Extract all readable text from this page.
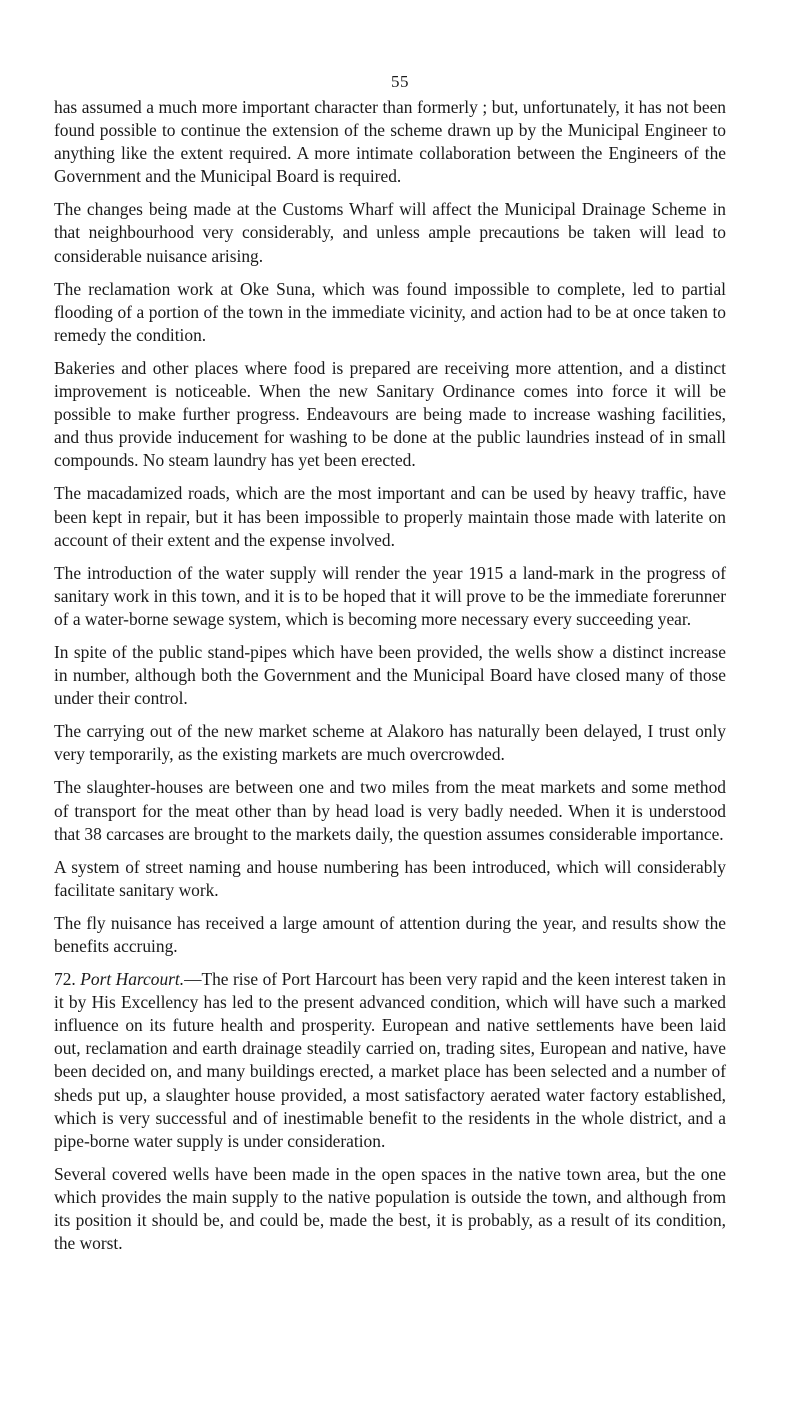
55

has assumed a much more important character than formerly ; but, unfortunately, it has not been found possible to continue the extension of the scheme drawn up by the Municipal Engineer to anything like the extent required. A more intimate collaboration between the Engineers of the Government and the Municipal Board is required.

The changes being made at the Customs Wharf will affect the Municipal Drainage Scheme in that neighbourhood very considerably, and unless ample precautions be taken will lead to considerable nuisance arising.

The reclamation work at Oke Suna, which was found impossible to complete, led to partial flooding of a portion of the town in the immediate vicinity, and action had to be at once taken to remedy the condition.

Bakeries and other places where food is prepared are receiving more attention, and a distinct improvement is noticeable. When the new Sanitary Ordinance comes into force it will be possible to make further progress. Endeavours are being made to increase washing facilities, and thus provide inducement for washing to be done at the public laundries instead of in small compounds. No steam laundry has yet been erected.

The macadamized roads, which are the most important and can be used by heavy traffic, have been kept in repair, but it has been impossible to properly maintain those made with laterite on account of their extent and the expense involved.

The introduction of the water supply will render the year 1915 a land-mark in the progress of sanitary work in this town, and it is to be hoped that it will prove to be the immediate forerunner of a water-borne sewage system, which is becoming more necessary every succeeding year.

In spite of the public stand-pipes which have been provided, the wells show a distinct increase in number, although both the Government and the Municipal Board have closed many of those under their control.

The carrying out of the new market scheme at Alakoro has naturally been delayed, I trust only very temporarily, as the existing markets are much overcrowded.

The slaughter-houses are between one and two miles from the meat markets and some method of transport for the meat other than by head load is very badly needed. When it is understood that 38 carcases are brought to the markets daily, the question assumes considerable importance.

A system of street naming and house numbering has been introduced, which will considerably facilitate sanitary work.

The fly nuisance has received a large amount of attention during the year, and results show the benefits accruing.

72. Port Harcourt.—The rise of Port Harcourt has been very rapid and the keen interest taken in it by His Excellency has led to the present advanced condition, which will have such a marked influence on its future health and prosperity. European and native settlements have been laid out, reclamation and earth drainage steadily carried on, trading sites, European and native, have been decided on, and many buildings erected, a market place has been selected and a number of sheds put up, a slaughter house provided, a most satisfactory aerated water factory established, which is very successful and of inestimable benefit to the residents in the whole district, and a pipe-borne water supply is under consideration.

Several covered wells have been made in the open spaces in the native town area, but the one which provides the main supply to the native population is outside the town, and although from its position it should be, and could be, made the best, it is probably, as a result of its condition, the worst.
